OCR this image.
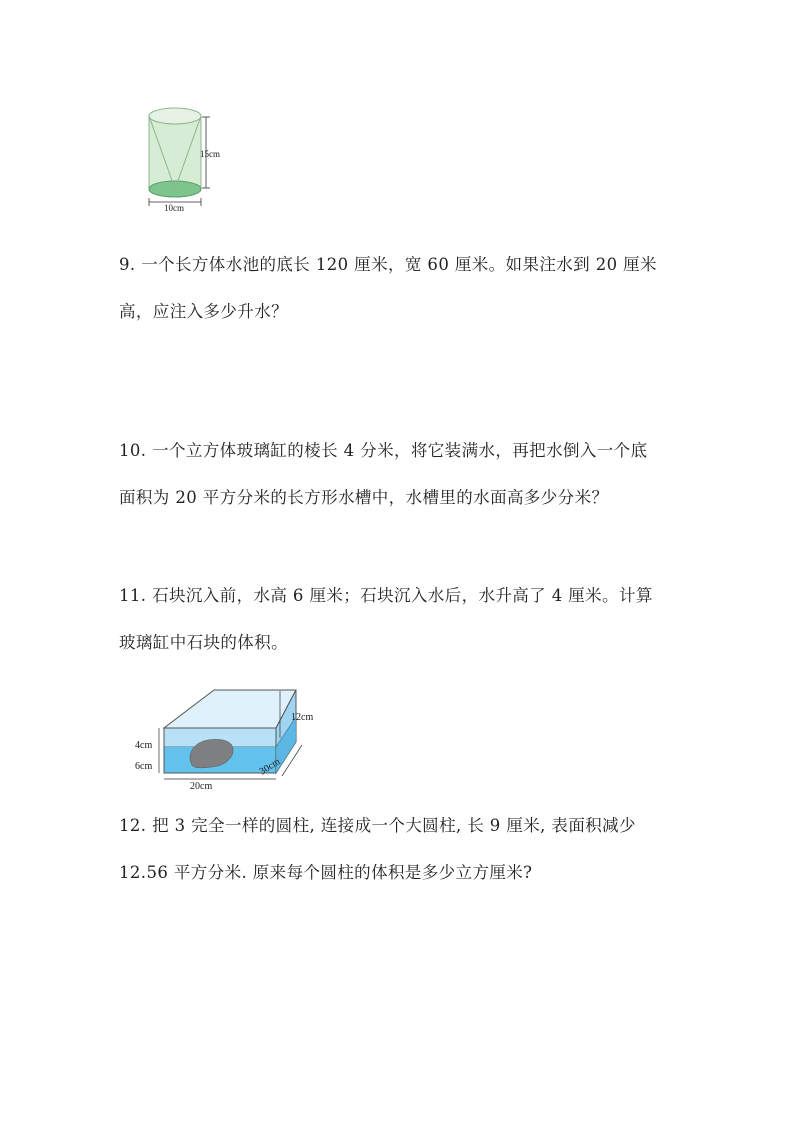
15cm
10cm
9. 一个长方体水池的底长 120 厘米，宽 60 厘米。如果注水到 20 厘米
高，应注入多少升水？
10. 一个立方体玻璃缸的棱长 4 分米，将它装满水，再把水倒入一个底
面积为 20 平方分米的长方形水槽中，水槽里的水面高多少分米？
11. 石块沉入前，水高 6 厘米；石块沉入水后，水升高了 4 厘米。计算
玻璃缸中石块的体积。
12cm
4cm
6cm
20cm
30cm
12. 把 3 完全一样的圆柱, 连接成一个大圆柱, 长 9 厘米, 表面积减少
12.56 平方分米. 原来每个圆柱的体积是多少立方厘米?
